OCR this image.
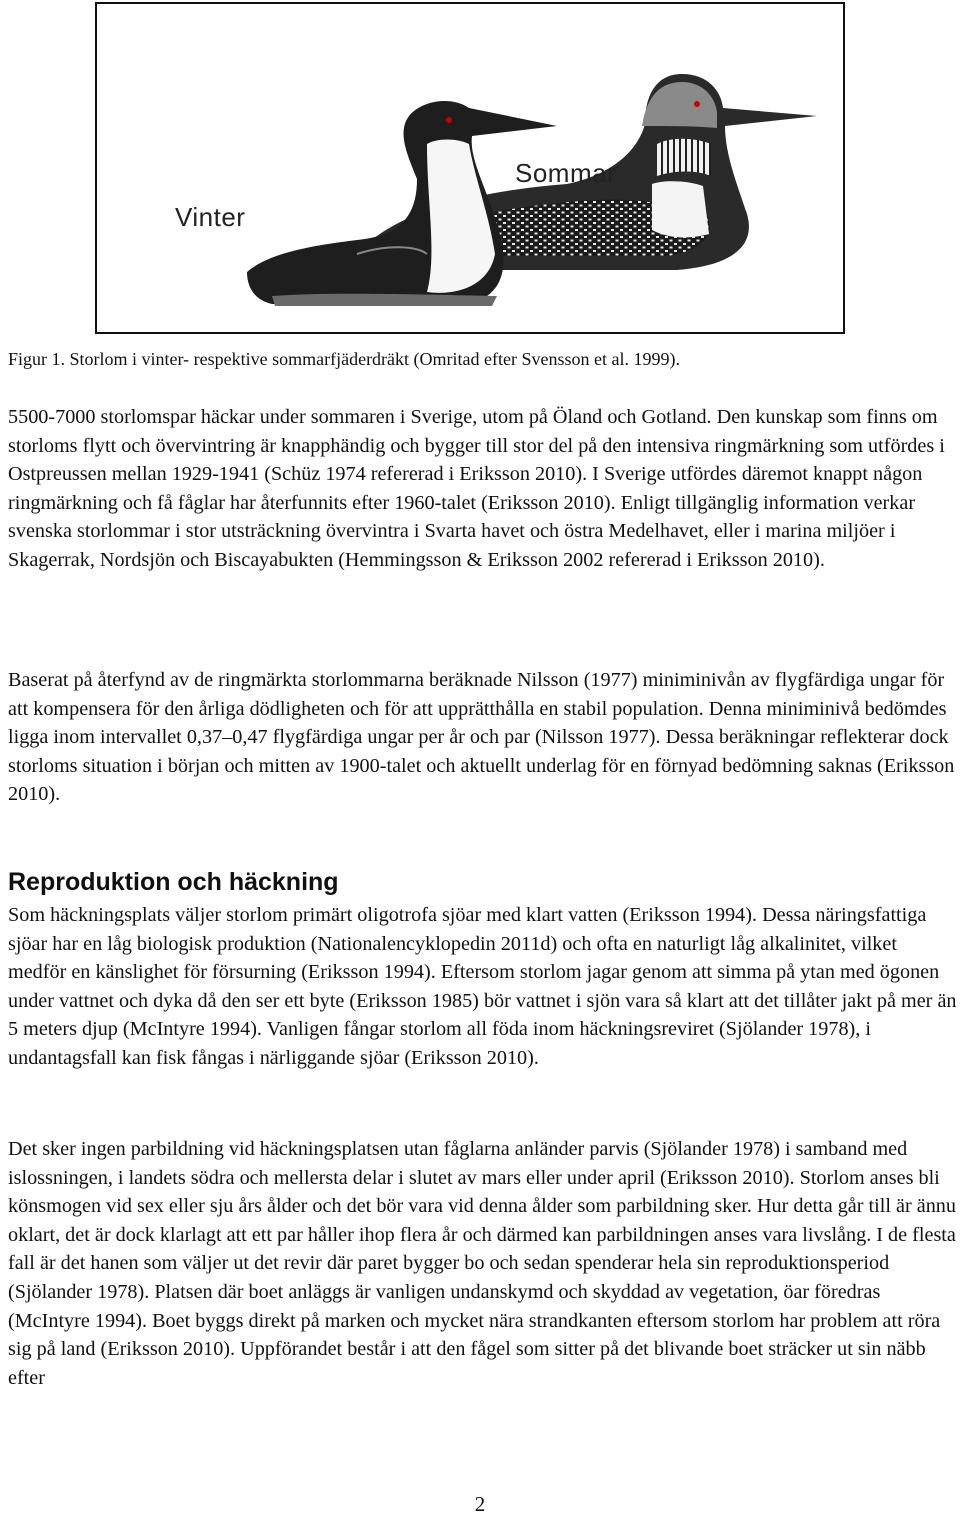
Vinter
Sommar
Figur 1. Storlom i vinter- respektive sommarfjäderdräkt (Omritad efter Svensson et al. 1999).

5500-7000 storlomspar häckar under sommaren i Sverige, utom på Öland och Gotland. Den kunskap som finns om storloms flytt och övervintring är knapphändig och bygger till stor del på den intensiva ringmärkning som utfördes i Ostpreussen mellan 1929-1941 (Schüz 1974 refererad i Eriksson 2010). I Sverige utfördes däremot knappt någon ringmärkning och få fåglar har återfunnits efter 1960-talet (Eriksson 2010). Enligt tillgänglig information verkar svenska storlommar i stor utsträckning övervintra i Svarta havet och östra Medelhavet, eller i marina miljöer i Skagerrak, Nordsjön och Biscayabukten (Hemmingsson & Eriksson 2002 refererad i Eriksson 2010).

Baserat på återfynd av de ringmärkta storlommarna beräknade Nilsson (1977) miniminivån av flygfärdiga ungar för att kompensera för den årliga dödligheten och för att upprätthålla en stabil population. Denna miniminivå bedömdes ligga inom intervallet 0,37–0,47 flygfärdiga ungar per år och par (Nilsson 1977). Dessa beräkningar reflekterar dock storloms situation i början och mitten av 1900-talet och aktuellt underlag för en förnyad bedömning saknas (Eriksson 2010).

Reproduktion och häckning

Som häckningsplats väljer storlom primärt oligotrofa sjöar med klart vatten (Eriksson 1994). Dessa näringsfattiga sjöar har en låg biologisk produktion (Nationalencyklopedin 2011d) och ofta en naturligt låg alkalinitet, vilket medför en känslighet för försurning (Eriksson 1994). Eftersom storlom jagar genom att simma på ytan med ögonen under vattnet och dyka då den ser ett byte (Eriksson 1985) bör vattnet i sjön vara så klart att det tillåter jakt på mer än 5 meters djup (McIntyre 1994). Vanligen fångar storlom all föda inom häckningsreviret (Sjölander 1978), i undantagsfall kan fisk fångas i närliggande sjöar (Eriksson 2010).

Det sker ingen parbildning vid häckningsplatsen utan fåglarna anländer parvis (Sjölander 1978) i samband med islossningen, i landets södra och mellersta delar i slutet av mars eller under april (Eriksson 2010). Storlom anses bli könsmogen vid sex eller sju års ålder och det bör vara vid denna ålder som parbildning sker. Hur detta går till är ännu oklart, det är dock klarlagt att ett par håller ihop flera år och därmed kan parbildningen anses vara livslång. I de flesta fall är det hanen som väljer ut det revir där paret bygger bo och sedan spenderar hela sin reproduktionsperiod (Sjölander 1978). Platsen där boet anläggs är vanligen undanskymd och skyddad av vegetation, öar föredras (McIntyre 1994). Boet byggs direkt på marken och mycket nära strandkanten eftersom storlom har problem att röra sig på land (Eriksson 2010). Uppförandet består i att den fågel som sitter på det blivande boet sträcker ut sin näbb efter

2
